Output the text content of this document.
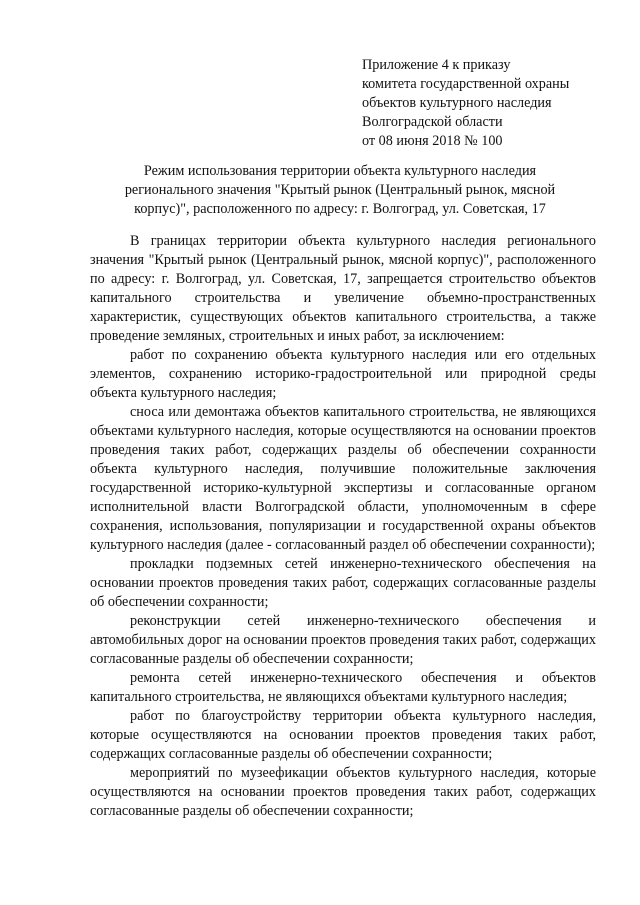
Приложение 4 к приказу
комитета государственной охраны
объектов культурного наследия
Волгоградской области
от 08 июня 2018 № 100
Режим использования территории объекта культурного наследия
регионального значения "Крытый рынок (Центральный рынок, мясной
корпус)", расположенного по адресу: г. Волгоград, ул. Советская, 17

В границах территории объекта культурного наследия регионального значения "Крытый рынок (Центральный рынок, мясной корпус)", расположенного по адресу: г. Волгоград, ул. Советская, 17, запрещается строительство объектов капитального строительства и увеличение объемно-пространственных характеристик, существующих объектов капитального строительства, а также проведение земляных, строительных и иных работ, за исключением:

работ по сохранению объекта культурного наследия или его отдельных элементов, сохранению историко-градостроительной или природной среды объекта культурного наследия;

сноса или демонтажа объектов капитального строительства, не являющихся объектами культурного наследия, которые осуществляются на основании проектов проведения таких работ, содержащих разделы об обеспечении сохранности объекта культурного наследия, получившие положительные заключения государственной историко-культурной экспертизы и согласованные органом исполнительной власти Волгоградской области, уполномоченным в сфере сохранения, использования, популяризации и государственной охраны объектов культурного наследия (далее - согласованный раздел об обеспечении сохранности);

прокладки подземных сетей инженерно-технического обеспечения на основании проектов проведения таких работ, содержащих согласованные разделы об обеспечении сохранности;

реконструкции сетей инженерно-технического обеспечения и автомобильных дорог на основании проектов проведения таких работ, содержащих согласованные разделы об обеспечении сохранности;

ремонта сетей инженерно-технического обеспечения и объектов капитального строительства, не являющихся объектами культурного наследия;

работ по благоустройству территории объекта культурного наследия, которые осуществляются на основании проектов проведения таких работ, содержащих согласованные разделы об обеспечении сохранности;

мероприятий по музеефикации объектов культурного наследия, которые осуществляются на основании проектов проведения таких работ, содержащих согласованные разделы об обеспечении сохранности;
